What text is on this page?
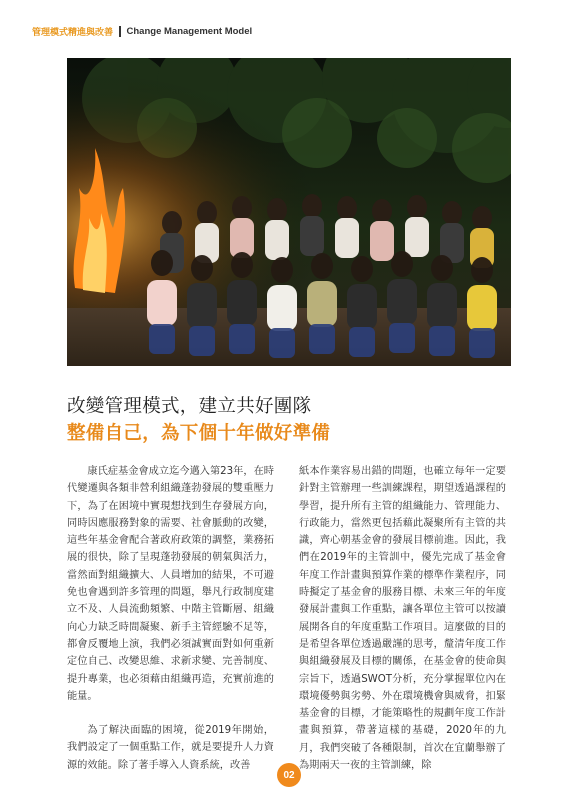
管理模式精進與改善 Change Management Model
改變管理模式，建立共好團隊
整備自己，為下個十年做好準備

康氏症基金會成立迄今邁入第23年，在時代變遷與各類非營利組織蓬勃發展的雙重壓力下，為了在困境中實現想找到生存發展方向，同時因應服務對象的需要、社會脈動的改變，這些年基金會配合著政府政策的調整，業務拓展的很快，除了呈現蓬勃發展的朝氣與活力，當然面對組織擴大、人員增加的結果，不可避免也會遇到許多管理的問題，舉凡行政制度建立不及、人員流動頻繁、中階主管斷層、組織向心力缺乏時間凝聚、新手主管經驗不足等，都會反覆地上演，我們必須誠實面對如何重新定位自己、改變思維、求新求變、完善制度、提升專業，也必須藉由組織再造，充實前進的能量。

為了解決面臨的困境，從2019年開始，我們設定了一個重點工作，就是要提升人力資源的效能。除了著手導入人資系統，改善

紙本作業容易出錯的問題，也確立每年一定要針對主管辦理一些訓練課程，期望透過課程的學習，提升所有主管的組織能力、管理能力、行政能力，當然更包括藉此凝聚所有主管的共識，齊心朝基金會的發展目標前進。因此，我們在2019年的主管訓中，優先完成了基金會年度工作計畫與預算作業的標準作業程序，同時擬定了基金會的服務目標、未來三年的年度發展計畫與工作重點，讓各單位主管可以按讀展開各自的年度重點工作項目。這麼做的目的是希望各單位透過嚴謹的思考，釐清年度工作與組織發展及目標的關係，在基金會的使命與宗旨下，透過SWOT分析，充分掌握單位內在環境優勢與劣勢、外在環境機會與威脅，扣緊基金會的目標，才能策略性的規劃年度工作計畫與預算，帶著這樣的基礎，2020年的九月，我們突破了各種限制，首次在宜蘭舉辦了為期兩天一夜的主管訓練，除

02
